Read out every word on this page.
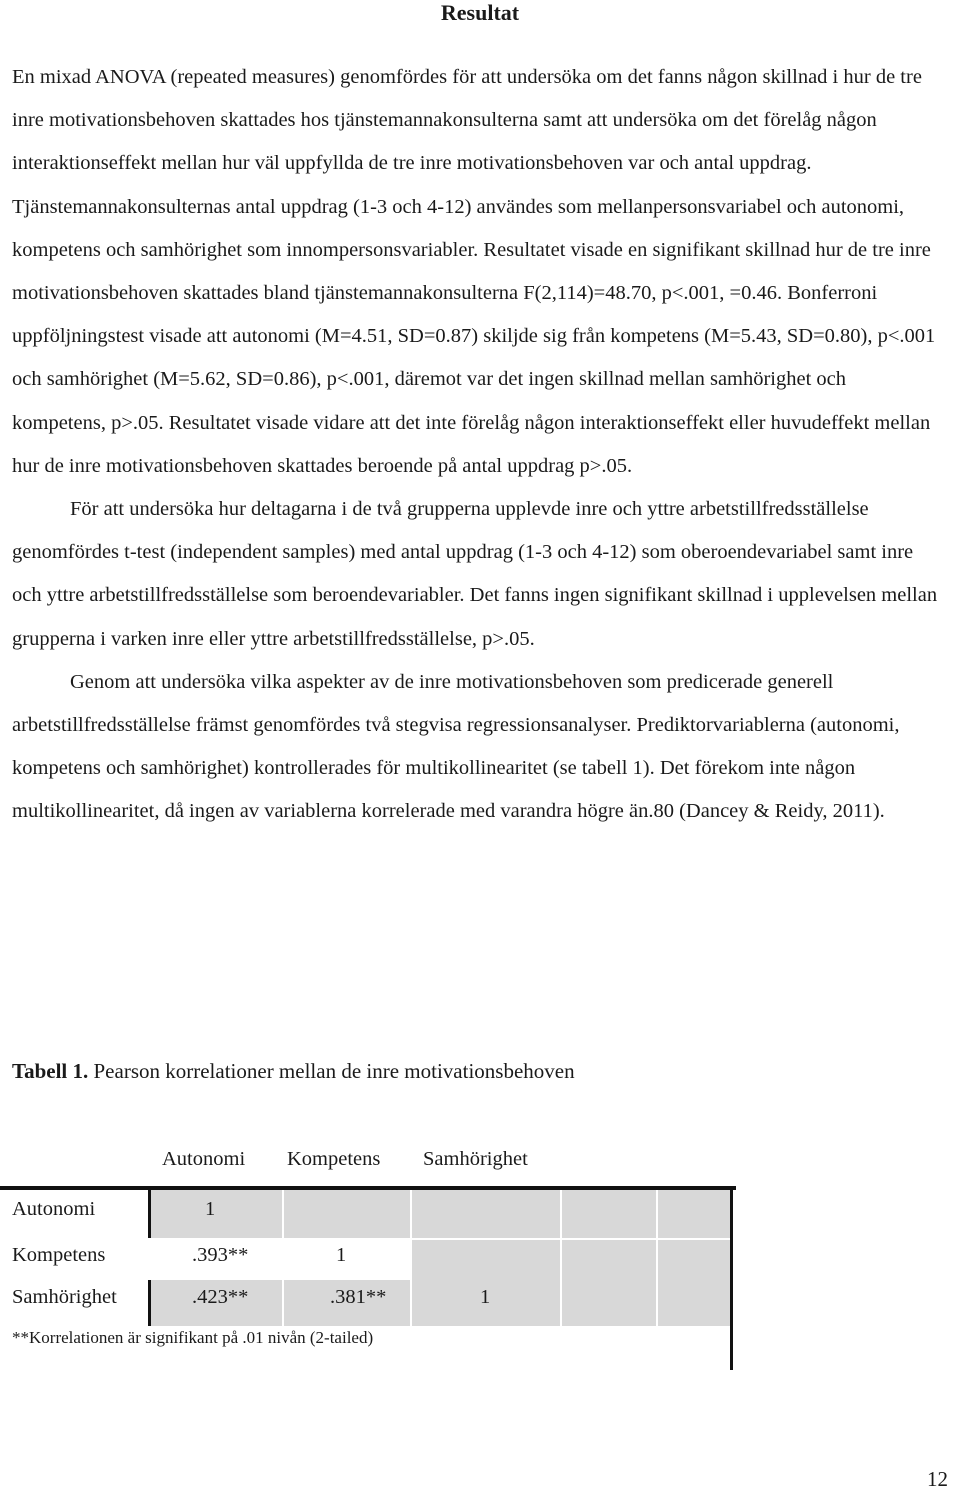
Resultat

En mixad ANOVA (repeated measures) genomfördes för att undersöka om det fanns någon skillnad i hur de tre inre motivationsbehoven skattades hos tjänstemannakonsulterna samt att undersöka om det förelåg någon interaktionseffekt mellan hur väl uppfyllda de tre inre motivationsbehoven var och antal uppdrag. Tjänstemannakonsulternas antal uppdrag (1-3 och 4-12) användes som mellanpersonsvariabel och autonomi, kompetens och samhörighet som innompersonsvariabler. Resultatet visade en signifikant skillnad hur de tre inre motivationsbehoven skattades bland tjänstemannakonsulterna F(2,114)=48.70, p<.001, =0.46. Bonferroni uppföljningstest visade att autonomi (M=4.51, SD=0.87) skiljde sig från kompetens (M=5.43, SD=0.80), p<.001 och samhörighet (M=5.62, SD=0.86), p<.001, däremot var det ingen skillnad mellan samhörighet och kompetens, p>.05. Resultatet visade vidare att det inte förelåg någon interaktionseffekt eller huvudeffekt mellan hur de inre motivationsbehoven skattades beroende på antal uppdrag p>.05.

För att undersöka hur deltagarna i de två grupperna upplevde inre och yttre arbetstillfredsställelse genomfördes t-test (independent samples) med antal uppdrag (1-3 och 4-12) som oberoendevariabel samt inre och yttre arbetstillfredsställelse som beroendevariabler. Det fanns ingen signifikant skillnad i upplevelsen mellan grupperna i varken inre eller yttre arbetstillfredsställelse, p>.05.

Genom att undersöka vilka aspekter av de inre motivationsbehoven som predicerade generell arbetstillfredsställelse främst genomfördes två stegvisa regressionsanalyser. Prediktorvariablerna (autonomi, kompetens och samhörighet) kontrollerades för multikollinearitet (se tabell 1). Det förekom inte någon multikollinearitet, då ingen av variablerna korrelerade med varandra högre än.80 (Dancey & Reidy, 2011).

Tabell 1. Pearson korrelationer mellan de inre motivationsbehoven
Autonomi Kompetens Samhörighet
Autonomi	1
Kompetens	.393**	1
Samhörighet	.423**	.381**	1
**Korrelationen är signifikant på .01 nivån (2-tailed)
12
